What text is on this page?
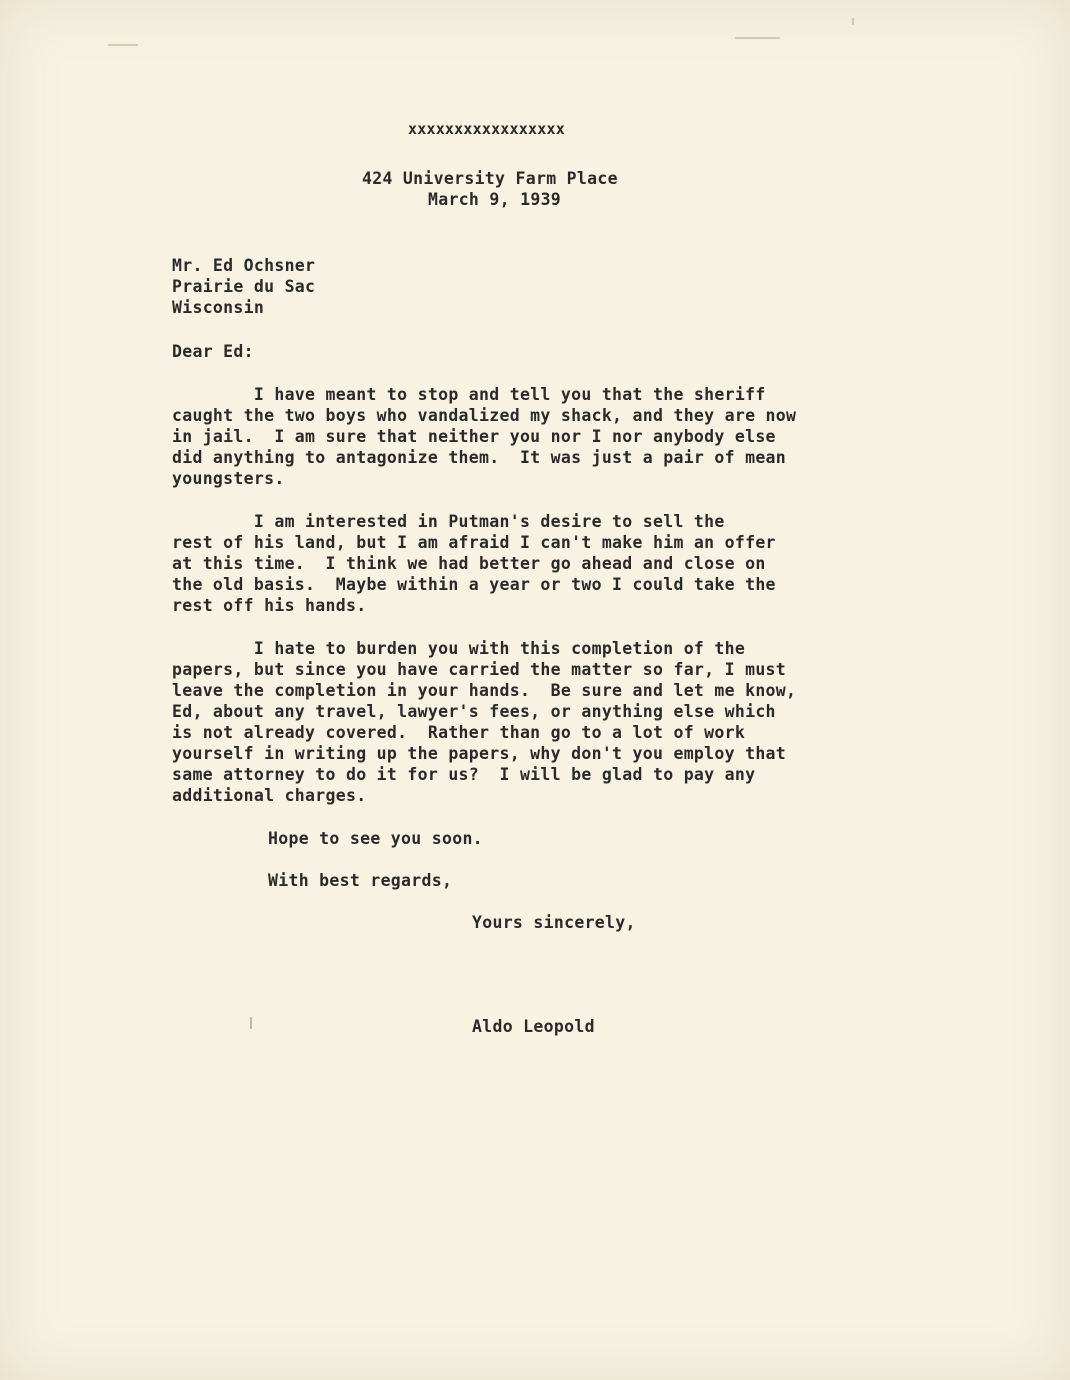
xxxxxxxxxxxxxxxxx
424 University Farm Place
March 9, 1939
Mr. Ed Ochsner
Prairie du Sac
Wisconsin
Dear Ed:
I have meant to stop and tell you that the sheriff
caught the two boys who vandalized my shack, and they are now
in jail.  I am sure that neither you nor I nor anybody else
did anything to antagonize them.  It was just a pair of mean
youngsters.
I am interested in Putman's desire to sell the
rest of his land, but I am afraid I can't make him an offer
at this time.  I think we had better go ahead and close on
the old basis.  Maybe within a year or two I could take the
rest off his hands.
I hate to burden you with this completion of the
papers, but since you have carried the matter so far, I must
leave the completion in your hands.  Be sure and let me know,
Ed, about any travel, lawyer's fees, or anything else which
is not already covered.  Rather than go to a lot of work
yourself in writing up the papers, why don't you employ that
same attorney to do it for us?  I will be glad to pay any
additional charges.
Hope to see you soon.
With best regards,
Yours sincerely,
Aldo Leopold
